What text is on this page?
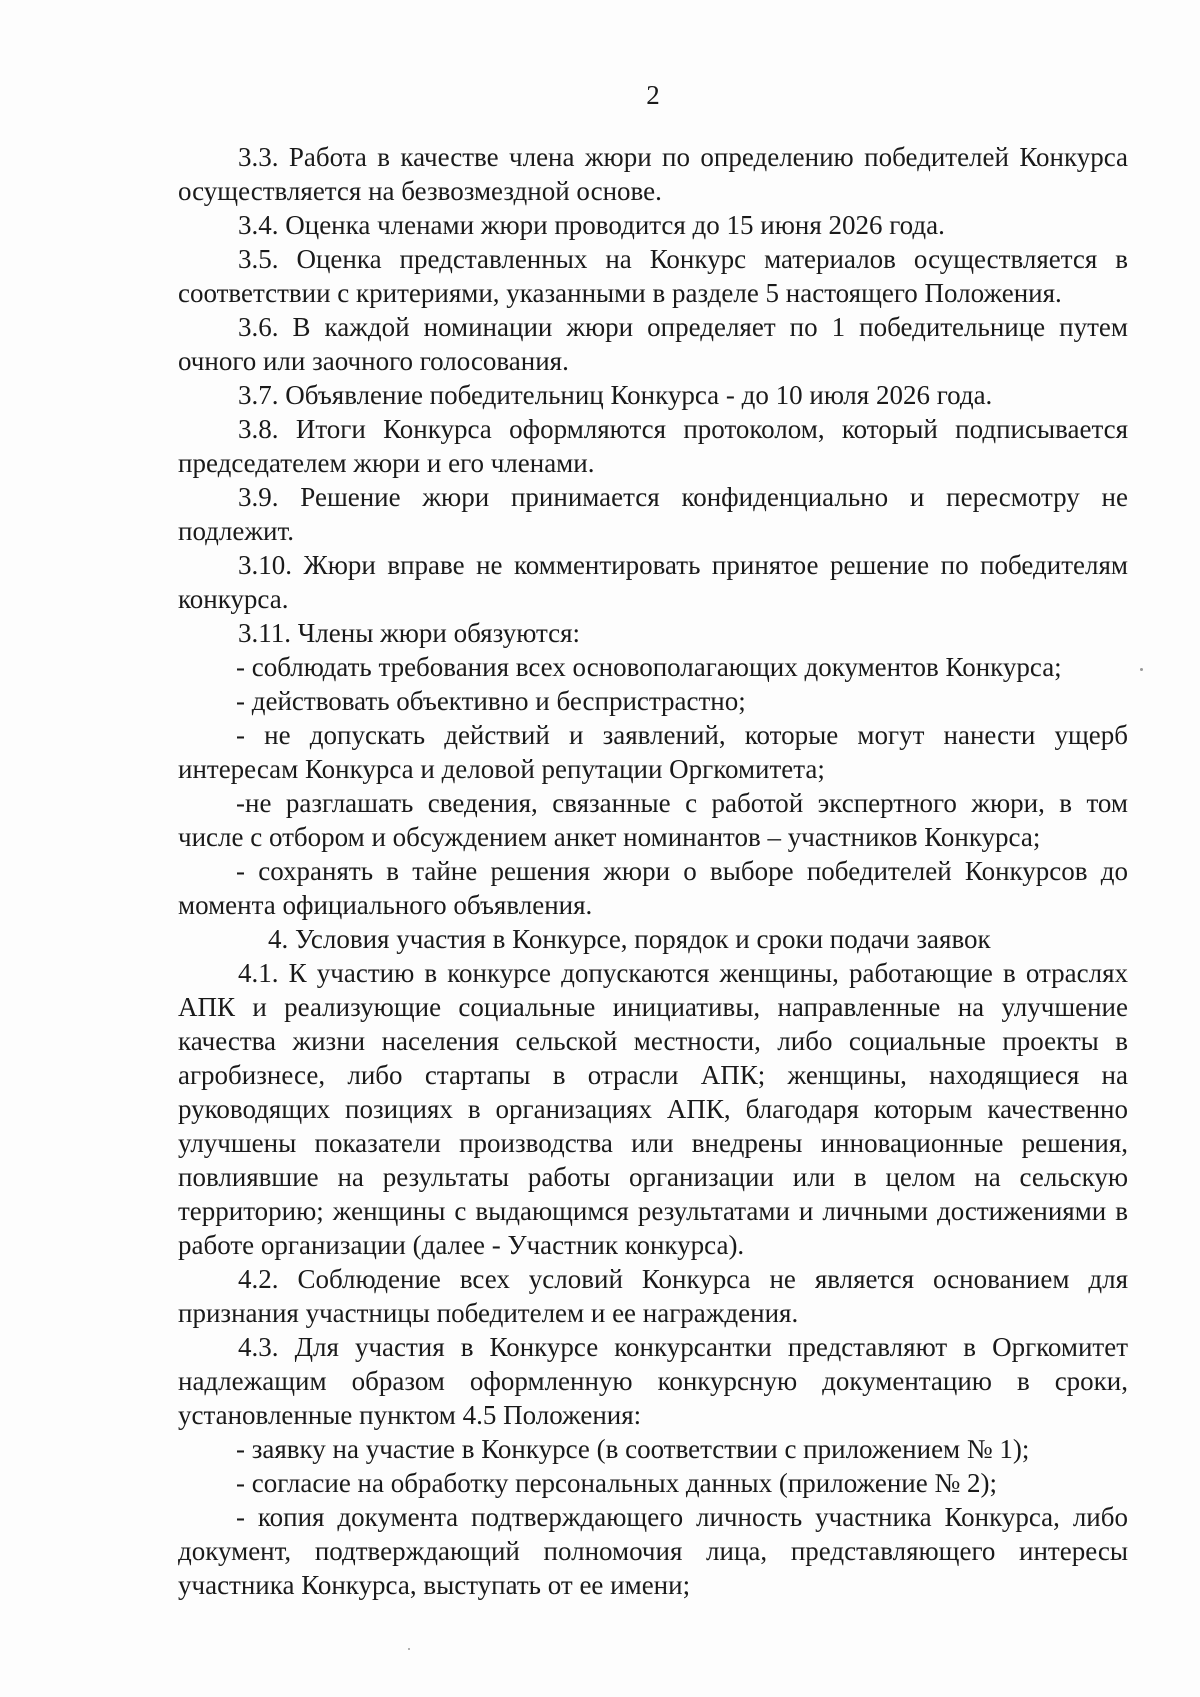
2

3.3. Работа в качестве члена жюри по определению победителей Конкурса осуществляется на безвозмездной основе.

3.4. Оценка членами жюри проводится до 15 июня 2026 года.

3.5. Оценка представленных на Конкурс материалов осуществляется в соответствии с критериями, указанными в разделе 5 настоящего Положения.

3.6. В каждой номинации жюри определяет по 1 победительнице путем очного или заочного голосования.

3.7. Объявление победительниц Конкурса - до 10 июля 2026 года.

3.8. Итоги Конкурса оформляются протоколом, который подписывается председателем жюри и его членами.

3.9. Решение жюри принимается конфиденциально и пересмотру не подлежит.

3.10. Жюри вправе не комментировать принятое решение по победителям конкурса.

3.11. Члены жюри обязуются:

- соблюдать требования всех основополагающих документов Конкурса;

- действовать объективно и беспристрастно;

- не допускать действий и заявлений, которые могут нанести ущерб интересам Конкурса и деловой репутации Оргкомитета;

-не разглашать сведения, связанные с работой экспертного жюри, в том числе с отбором и обсуждением анкет номинантов – участников Конкурса;

- сохранять в тайне решения жюри о выборе победителей Конкурсов до момента официального объявления.

4. Условия участия в Конкурсе, порядок и сроки подачи заявок

4.1. К участию в конкурсе допускаются женщины, работающие в отраслях АПК и реализующие социальные инициативы, направленные на улучшение качества жизни населения сельской местности, либо социальные проекты в агробизнесе, либо стартапы в отрасли АПК; женщины, находящиеся на руководящих позициях в организациях АПК, благодаря которым качественно улучшены показатели производства или внедрены инновационные решения, повлиявшие на результаты работы организации или в целом на сельскую территорию; женщины с выдающимся результатами и личными достижениями в работе организации (далее - Участник конкурса).

4.2. Соблюдение всех условий Конкурса не является основанием для признания участницы победителем и ее награждения.

4.3. Для участия в Конкурсе конкурсантки представляют в Оргкомитет надлежащим образом оформленную конкурсную документацию в сроки, установленные пунктом 4.5 Положения:

- заявку на участие в Конкурсе (в соответствии с приложением № 1);

- согласие на обработку персональных данных (приложение № 2);

- копия документа подтверждающего личность участника Конкурса, либо документ, подтверждающий полномочия лица, представляющего интересы участника Конкурса, выступать от ее имени;
